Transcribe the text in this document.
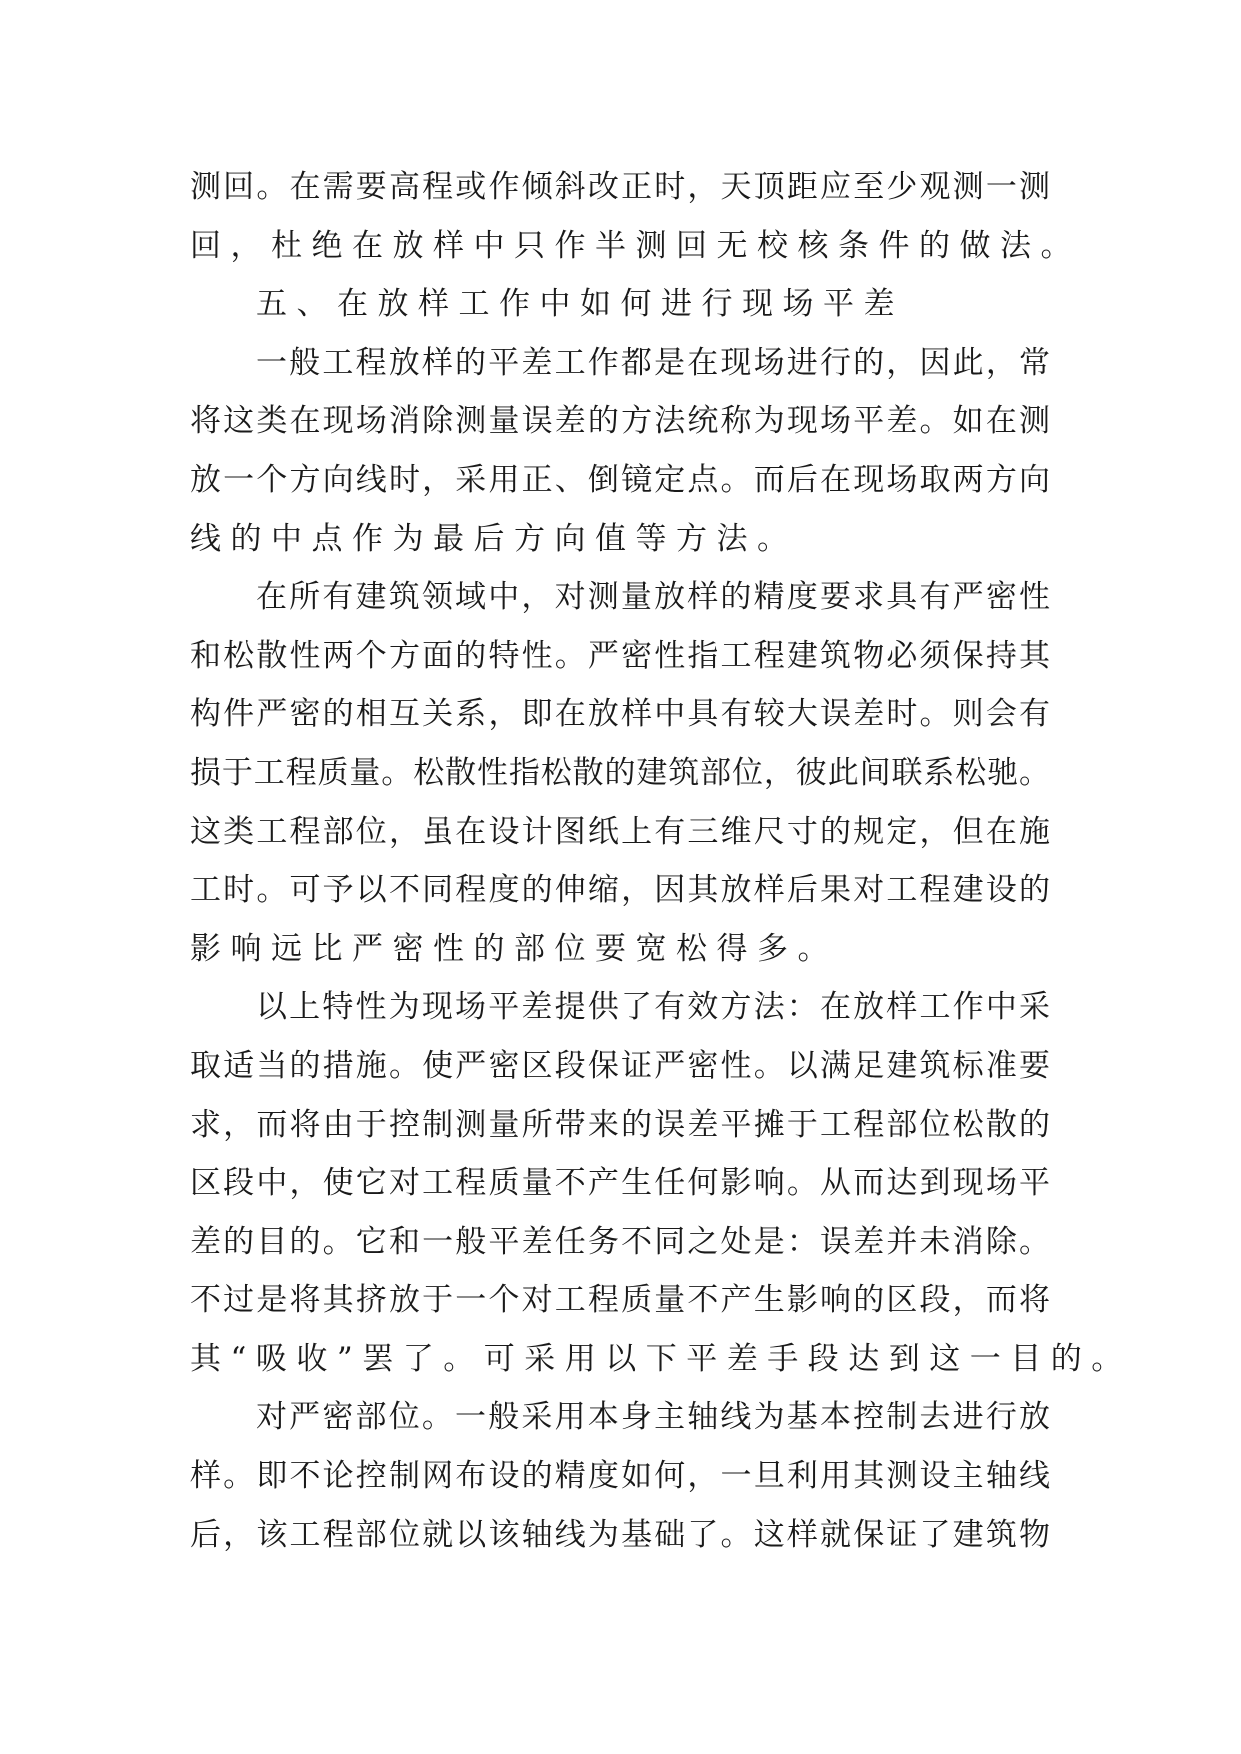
测回。在需要高程或作倾斜改正时，天顶距应至少观测一测
回，杜绝在放样中只作半测回无校核条件的做法。
五、在放样工作中如何进行现场平差
一般工程放样的平差工作都是在现场进行的，因此，常
将这类在现场消除测量误差的方法统称为现场平差。如在测
放一个方向线时，采用正、倒镜定点。而后在现场取两方向
线的中点作为最后方向值等方法。
在所有建筑领域中，对测量放样的精度要求具有严密性
和松散性两个方面的特性。严密性指工程建筑物必须保持其
构件严密的相互关系，即在放样中具有较大误差时。则会有
损于工程质量。松散性指松散的建筑部位，彼此间联系松驰。
这类工程部位，虽在设计图纸上有三维尺寸的规定，但在施
工时。可予以不同程度的伸缩，因其放样后果对工程建设的
影响远比严密性的部位要宽松得多。
以上特性为现场平差提供了有效方法：在放样工作中采
取适当的措施。使严密区段保证严密性。以满足建筑标准要
求，而将由于控制测量所带来的误差平摊于工程部位松散的
区段中，使它对工程质量不产生任何影响。从而达到现场平
差的目的。它和一般平差任务不同之处是：误差并未消除。
不过是将其挤放于一个对工程质量不产生影响的区段，而将
其“吸收”罢了。可采用以下平差手段达到这一目的。
对严密部位。一般采用本身主轴线为基本控制去进行放
样。即不论控制网布设的精度如何，一旦利用其测设主轴线
后，该工程部位就以该轴线为基础了。这样就保证了建筑物
